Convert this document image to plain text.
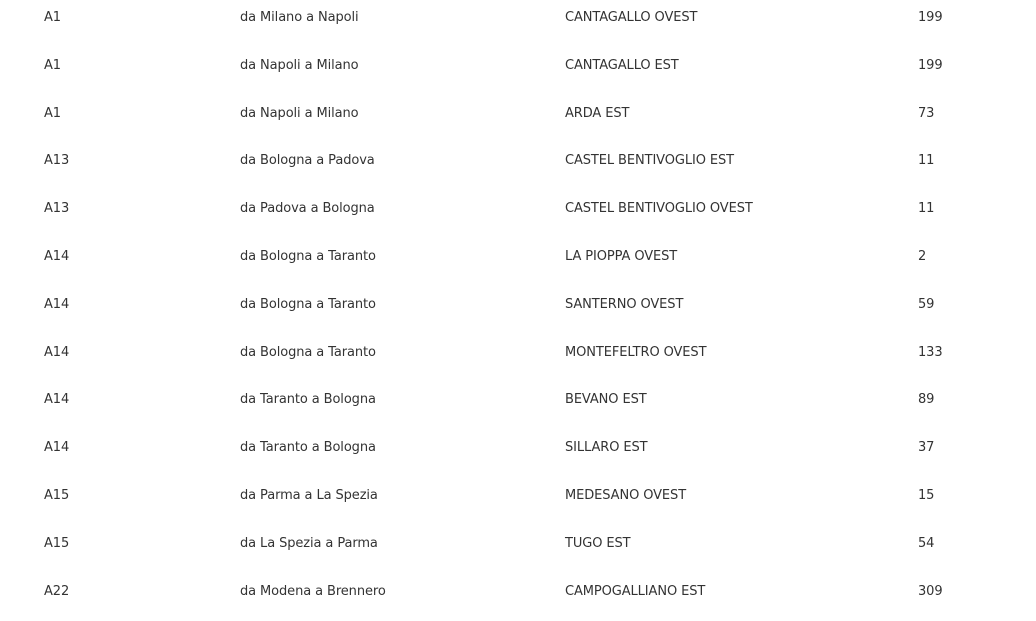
A1	da Milano a Napoli	CANTAGALLO OVEST	199
A1	da Napoli a Milano	CANTAGALLO EST	199
A1	da Napoli a Milano	ARDA EST	73
A13	da Bologna a Padova	CASTEL BENTIVOGLIO EST	11
A13	da Padova a Bologna	CASTEL BENTIVOGLIO OVEST	11
A14	da Bologna a Taranto	LA PIOPPA OVEST	2
A14	da Bologna a Taranto	SANTERNO OVEST	59
A14	da Bologna a Taranto	MONTEFELTRO OVEST	133
A14	da Taranto a Bologna	BEVANO EST	89
A14	da Taranto a Bologna	SILLARO EST	37
A15	da Parma a La Spezia	MEDESANO OVEST	15
A15	da La Spezia a Parma	TUGO EST	54
A22	da Modena a Brennero	CAMPOGALLIANO EST	309
